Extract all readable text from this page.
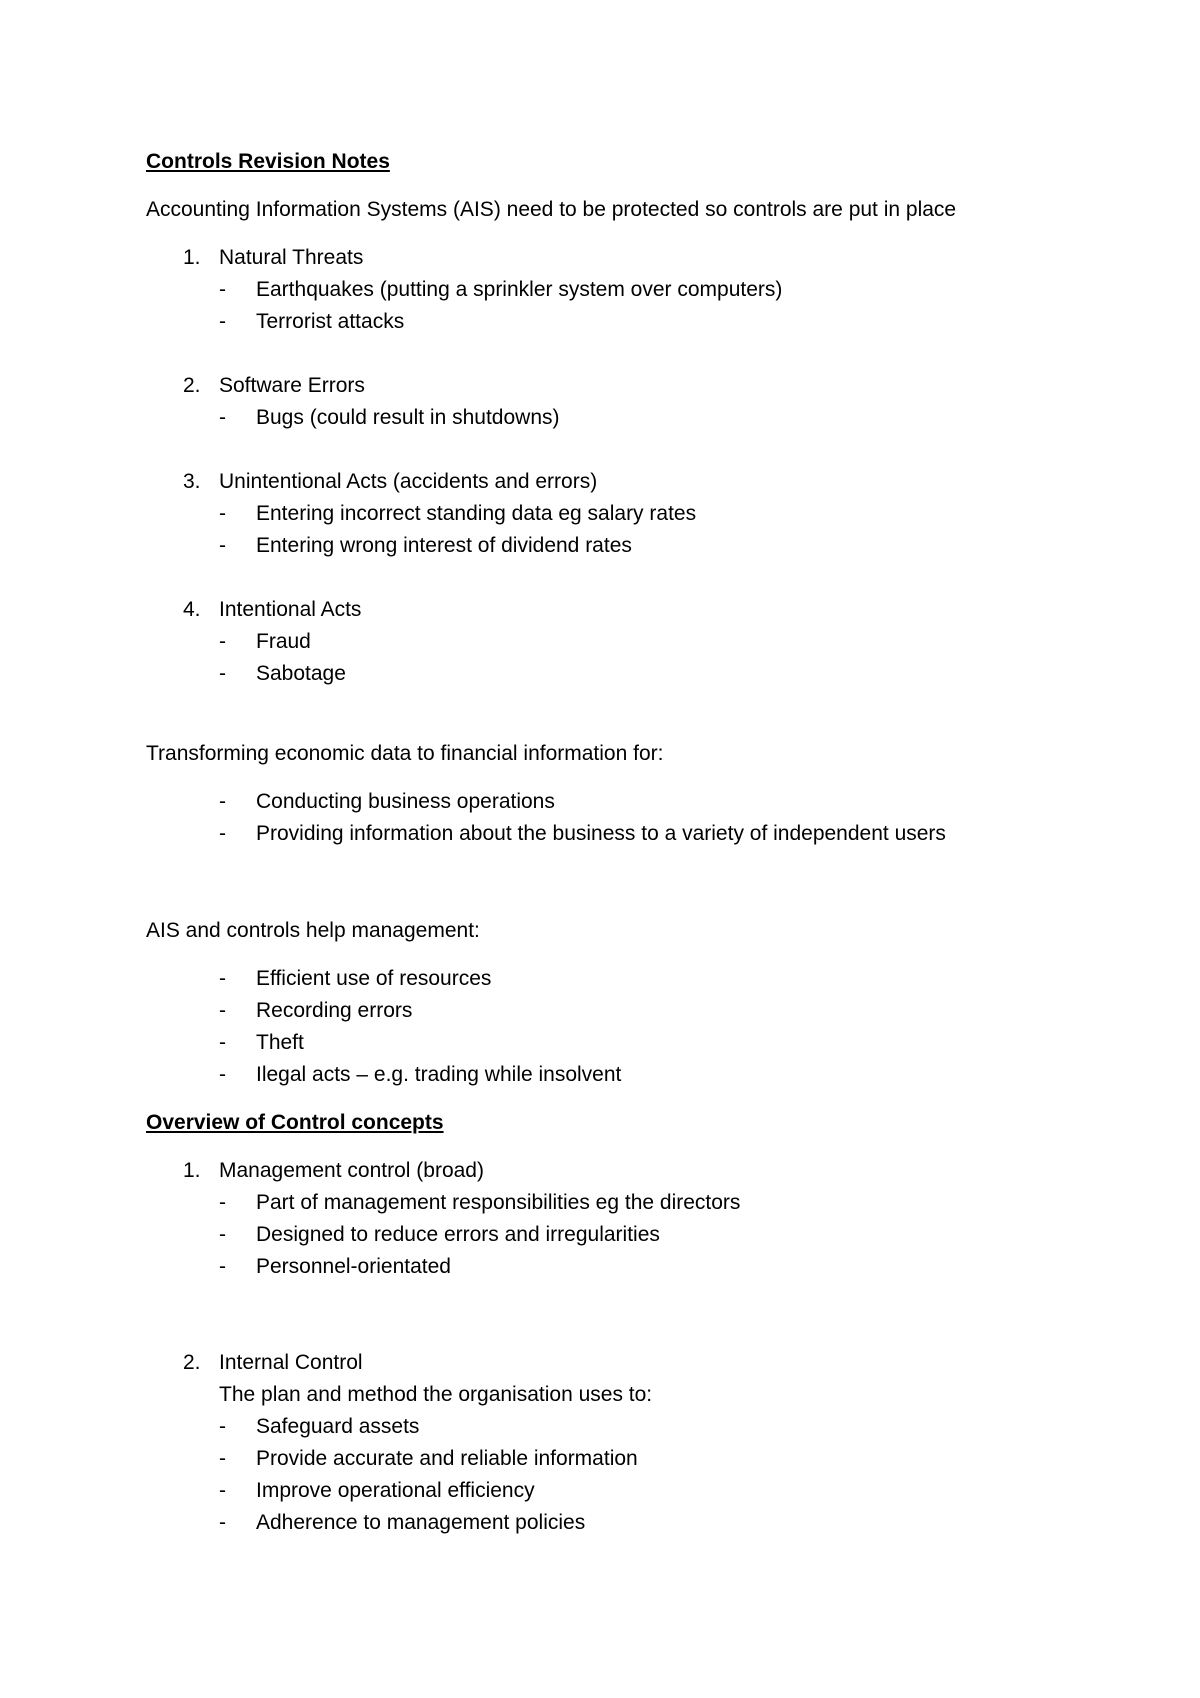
Controls Revision Notes
Accounting Information Systems (AIS) need to be protected so controls are put in place
1. Natural Threats
- Earthquakes (putting a sprinkler system over computers)
- Terrorist attacks
2. Software Errors
- Bugs (could result in shutdowns)
3. Unintentional Acts (accidents and errors)
- Entering incorrect standing data eg salary rates
- Entering wrong interest of dividend rates
4. Intentional Acts
- Fraud
- Sabotage
Transforming economic data to financial information for:
- Conducting business operations
- Providing information about the business to a variety of independent users
AIS and controls help management:
- Efficient use of resources
- Recording errors
- Theft
- Ilegal acts – e.g. trading while insolvent
Overview of Control concepts
1. Management control (broad)
- Part of management responsibilities eg the directors
- Designed to reduce errors and irregularities
- Personnel-orientated
2. Internal Control
The plan and method the organisation uses to:
- Safeguard assets
- Provide accurate and reliable information
- Improve operational efficiency
- Adherence to management policies
